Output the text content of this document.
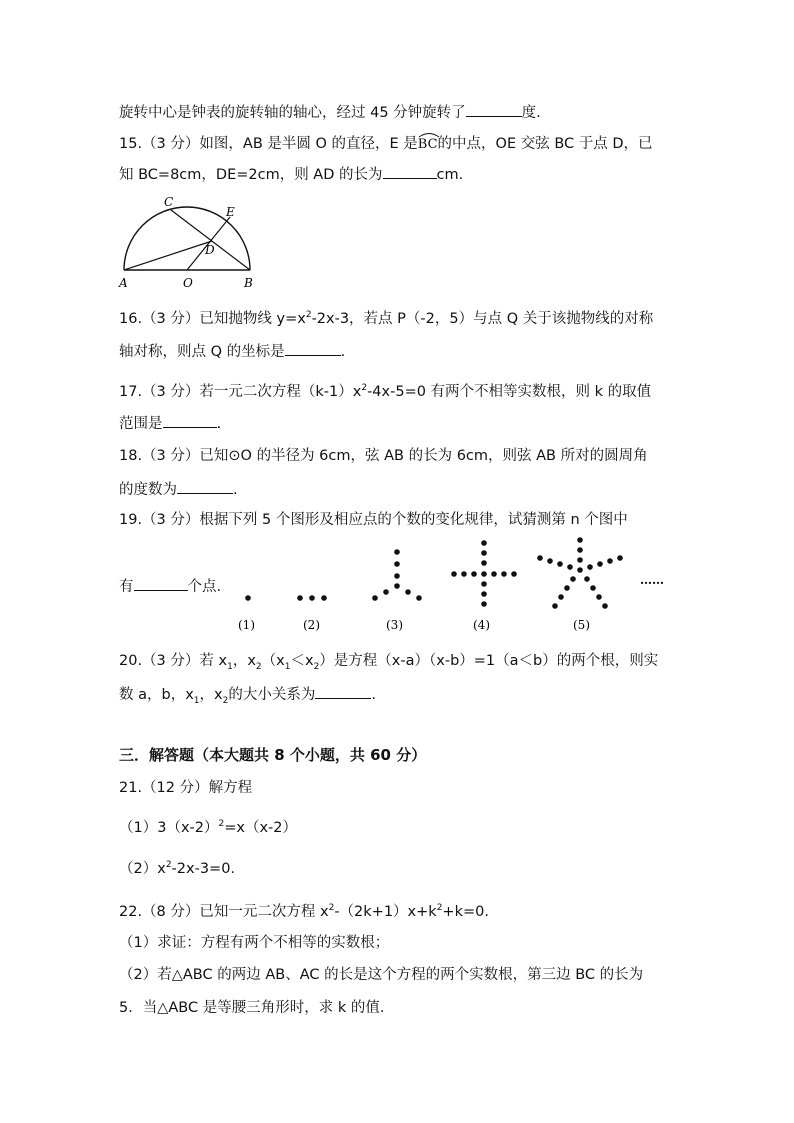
旋转中心是钟表的旋转轴的轴心，经过 45 分钟旋转了	度.
15.（3 分）如图，AB 是半圆 O 的直径，E 是
BC的中点，OE 交弦 BC 于点 D，已
知 BC=8cm，DE=2cm，则 AD 的长为	cm.
C
E
D
A	O	B
16.（3 分）已知抛物线 $y=x^2-2x-3$，若点 P（-2，5）与点 Q 关于该抛物线的对称
轴对称，则点 Q 的坐标是	.
17.（3 分）若一元二次方程$(k-1)x^2-4x-5=0$ 有两个不相等实数根，则 k 的取值
范围是	.
18.（3 分）已知⊙O 的半径为 6cm，弦 AB 的长为 6cm，则弦 AB 所对的圆周角
的度数为	.
19.（3 分）根据下列 5 个图形及相应点的个数的变化规律，试猜测第 n 个图中
有	个点.
(1)	(2)	(3)	(4)	(5)
……
20.（3 分）若 $x_1$，$x_2(x_1<x_2)$是方程（x-a）（x-b）=1（a＜b）的两个根，则实
数 a，b，$x_1$，$x_2$的大小关系为	.
三．解答题（本大题共 8 个小题，共 60 分）
21.（12 分）解方程
$(1)3(x-2)^2=x(x-2)$
$(2)x^2-2x-3=0$.
22.（8 分）已知一元二次方程 $x^2-(2k+1)x+k^2+k=0$.
（1）求证：方程有两个不相等的实数根；
（2）若△ABC 的两边 AB、AC 的长是这个方程的两个实数根，第三边 BC 的长为
5．当△ABC 是等腰三角形时，求 k 的值.
